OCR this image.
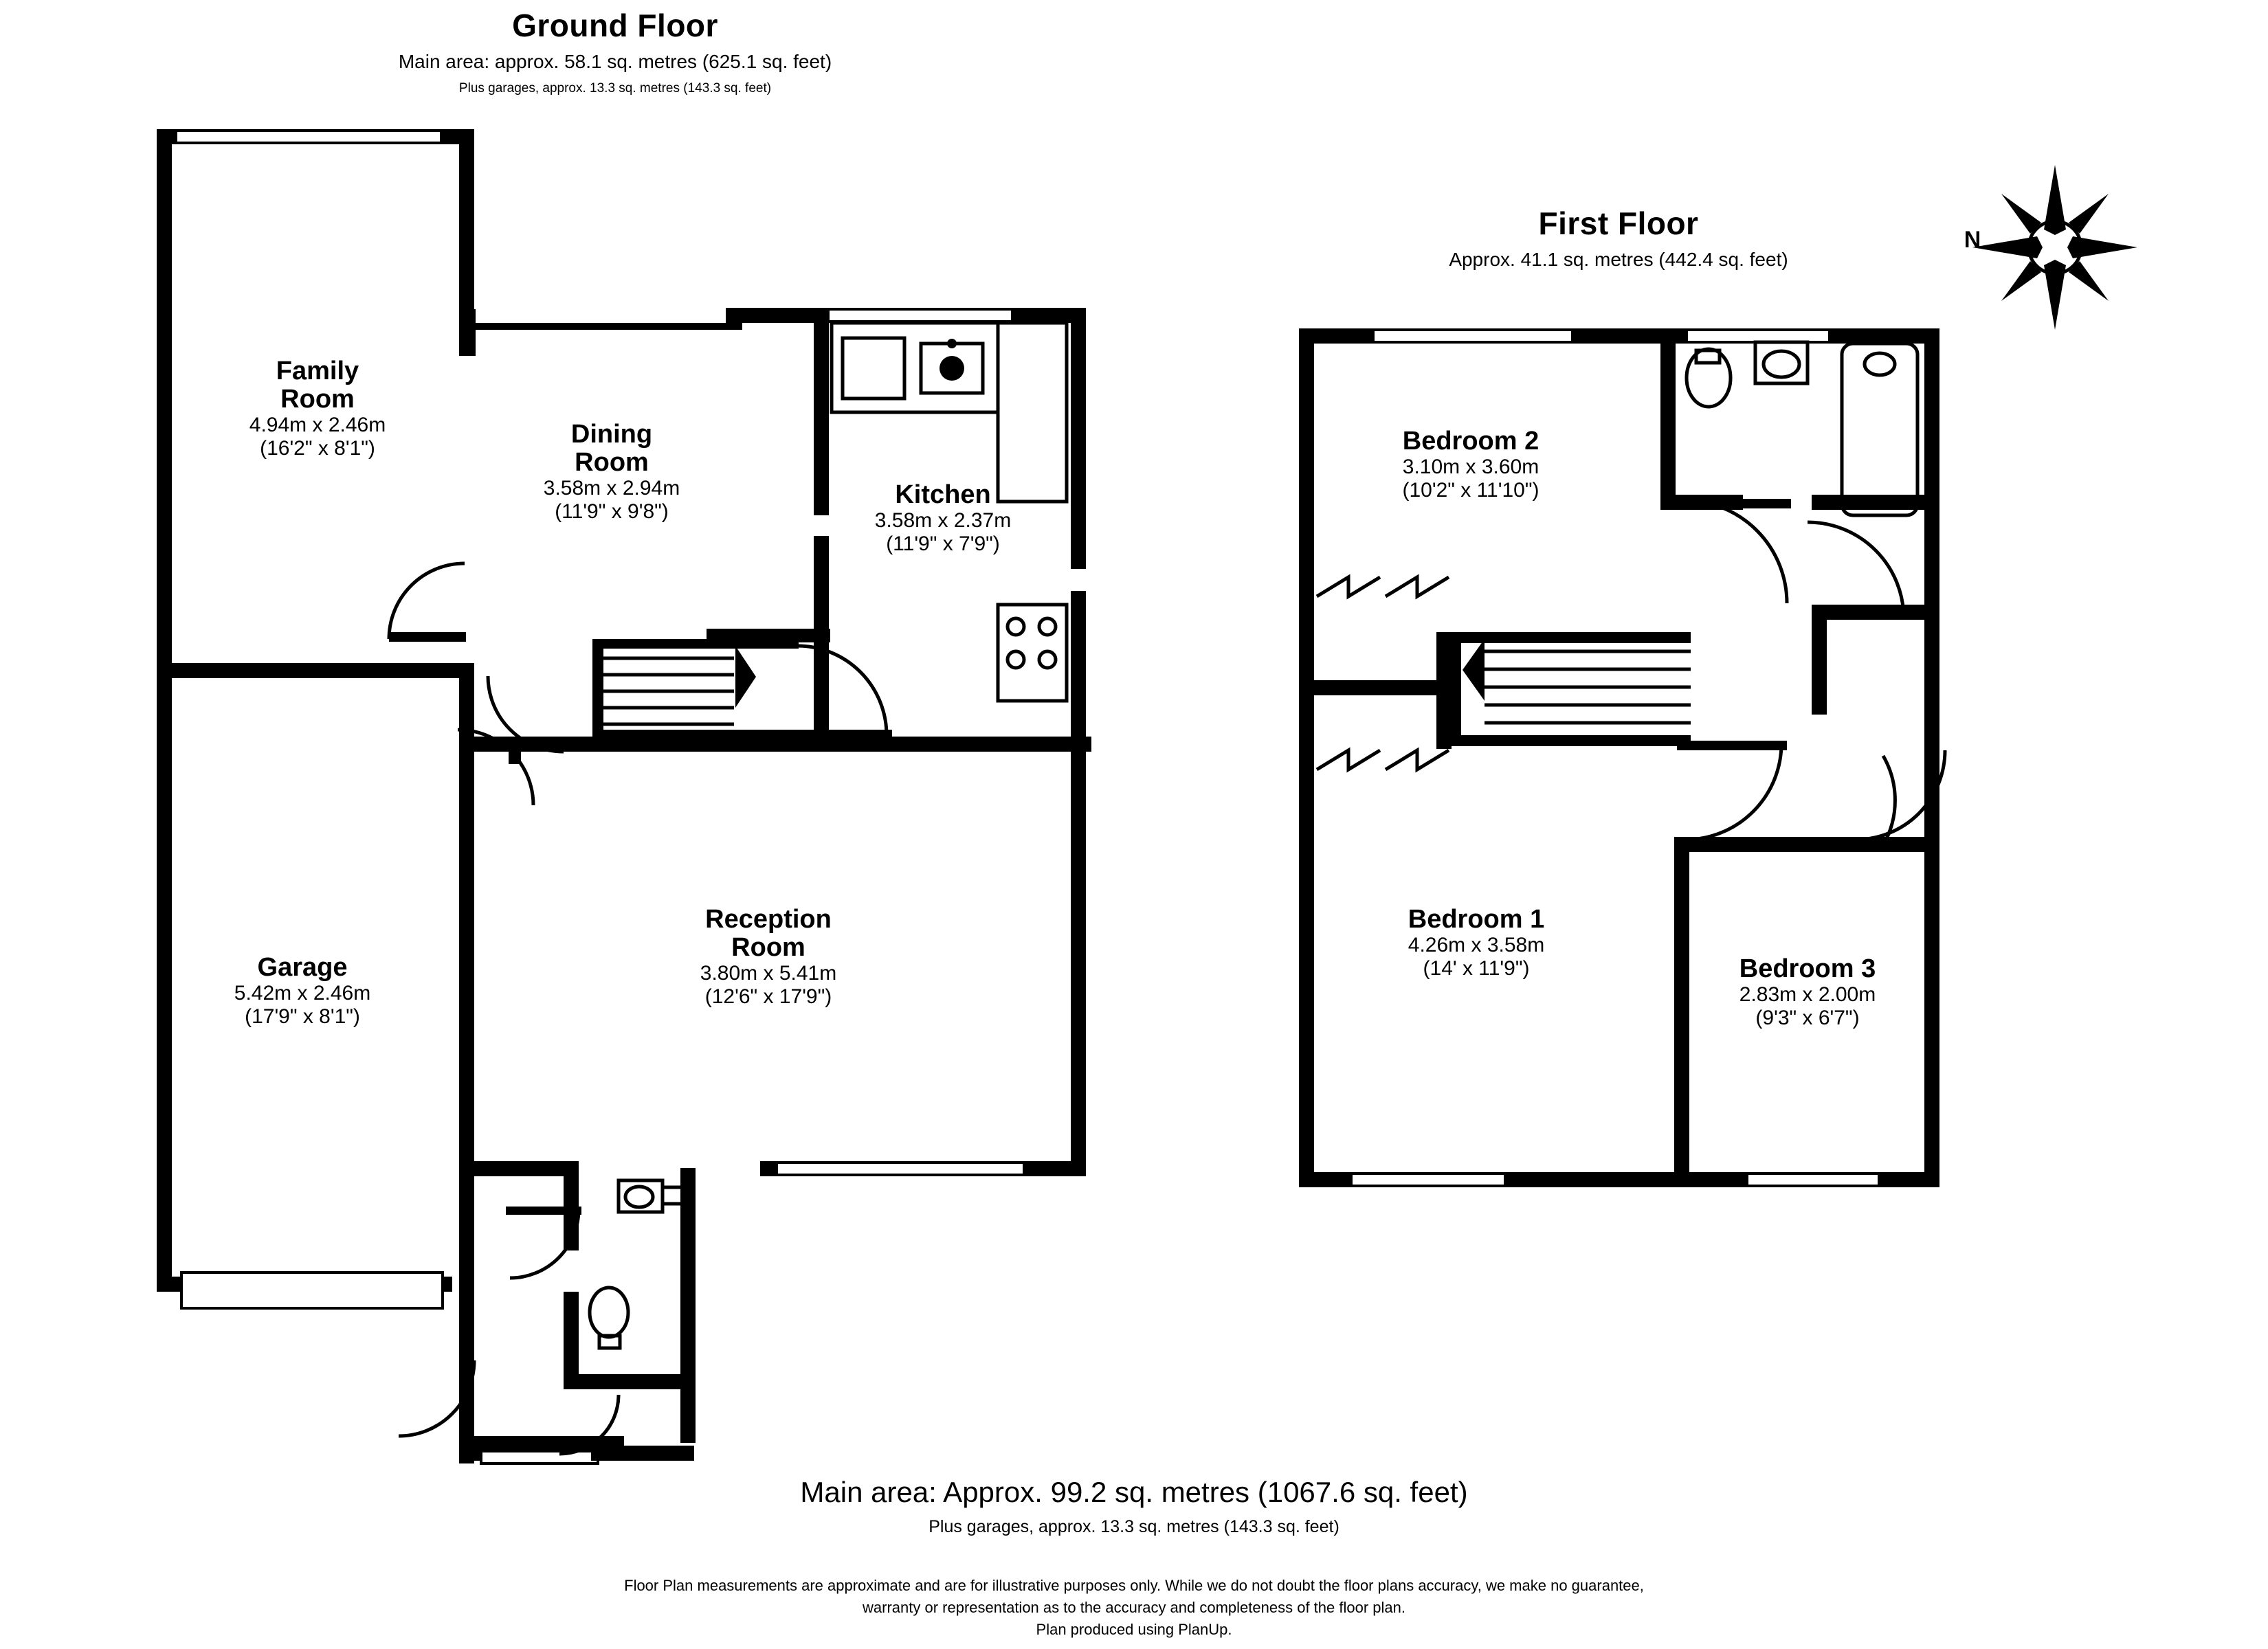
Ground Floor
Main area: approx. 58.1 sq. metres (625.1 sq. feet)
Plus garages, approx. 13.3 sq. metres (143.3 sq. feet)
First Floor
Approx. 41.1 sq. metres (442.4 sq. feet)
N
Family
Room
4.94m x 2.46m
(16'2" x 8'1")	Dining
Room
3.58m x 2.94m
(11'9" x 9'8")
Kitchen
3.58m x 2.37m
(11'9" x 7'9")
Garage
5.42m x 2.46m
(17'9" x 8'1")
Reception
Room
3.80m x 5.41m
(12'6" x 17'9")
Bedroom 2
3.10m x 3.60m
(10'2" x 11'10")
Bedroom 1
4.26m x 3.58m
(14' x 11'9")	Bedroom 3
2.83m x 2.00m
(9'3" x 6'7")
Main area: Approx. 99.2 sq. metres (1067.6 sq. feet)
Plus garages, approx. 13.3 sq. metres (143.3 sq. feet)
Floor Plan measurements are approximate and are for illustrative purposes only. While we do not doubt the floor plans accuracy, we make no guarantee,
warranty or representation as to the accuracy and completeness of the floor plan.
Plan produced using PlanUp.
